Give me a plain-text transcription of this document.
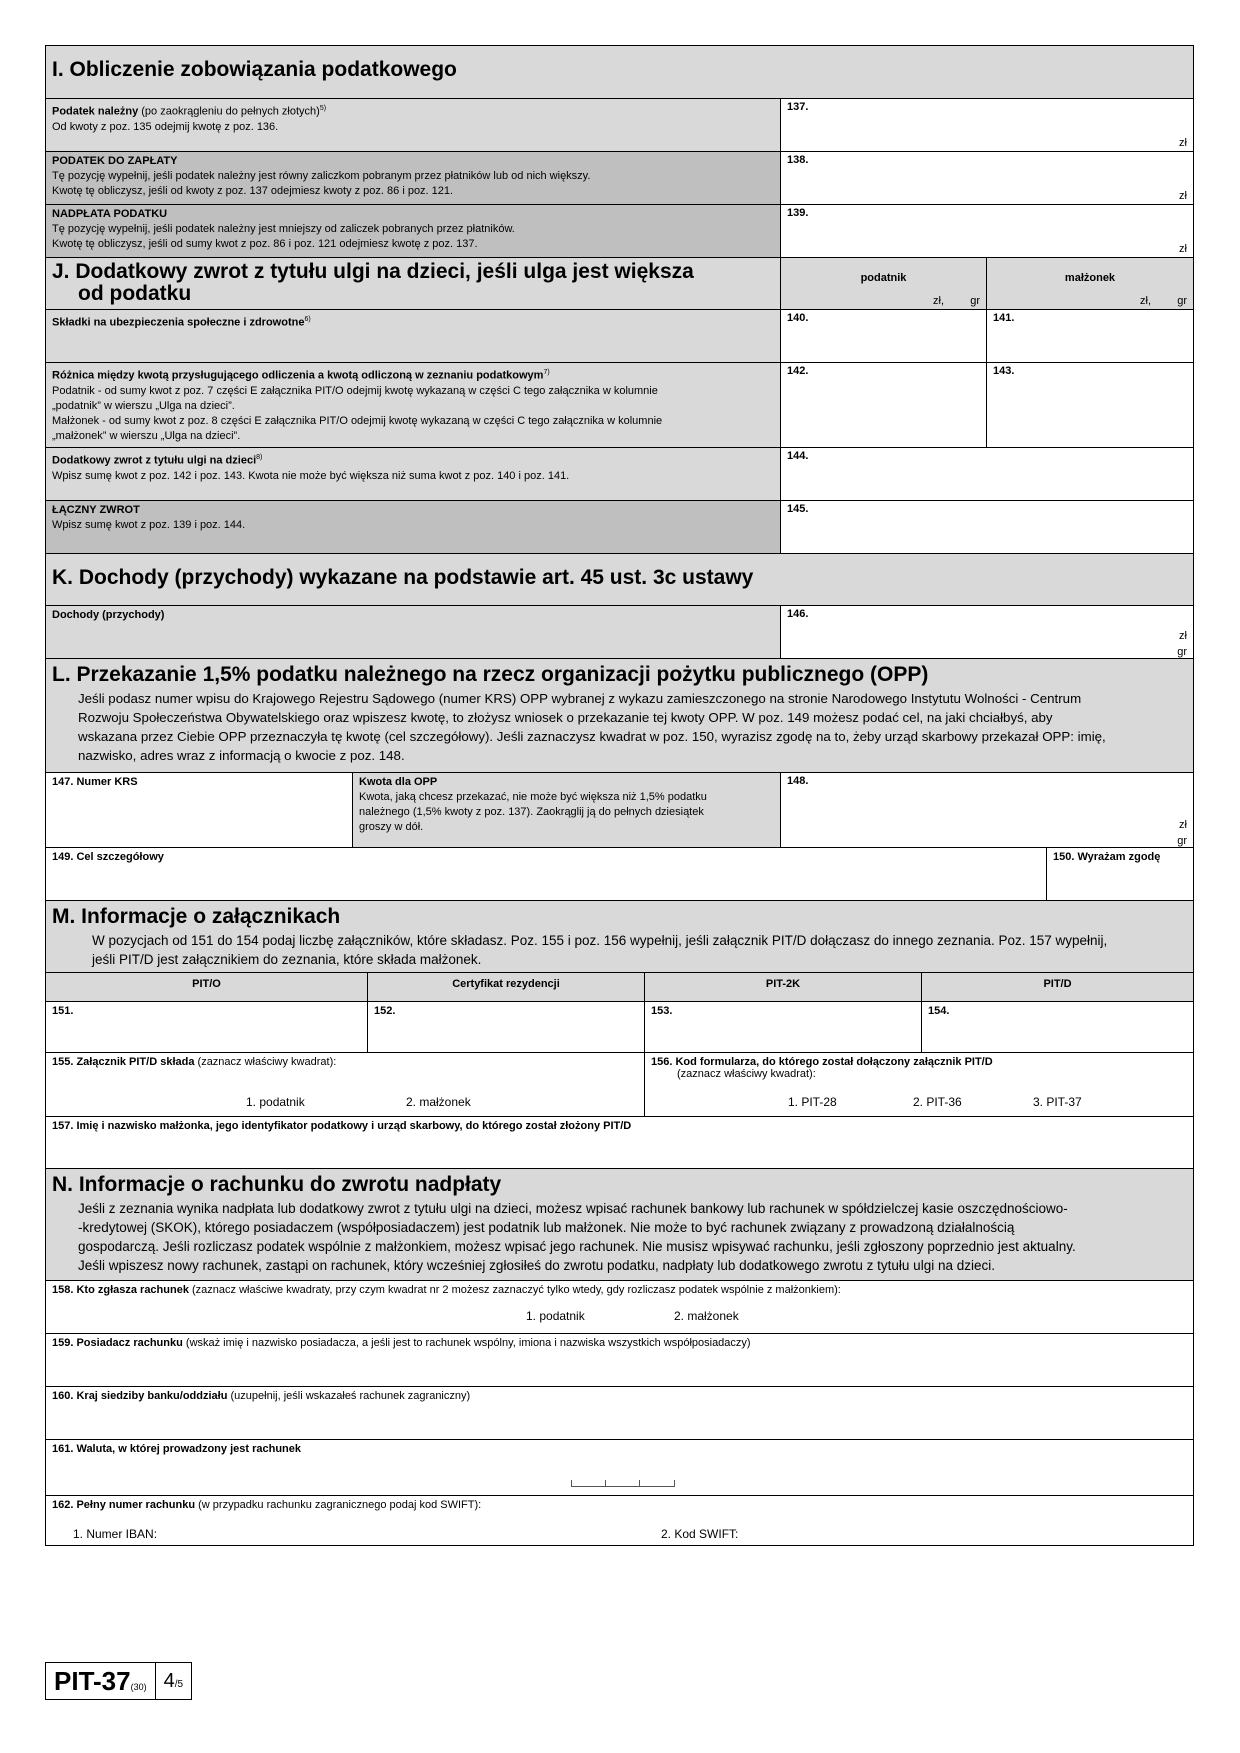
I. Obliczenie zobowiązania podatkowego
Podatek należny (po zaokrągleniu do pełnych złotych)$^{5)}$
Od kwoty z poz. 135 odejmij kwotę z poz. 136.
137.
zł
PODATEK DO ZAPŁATY
Tę pozycję wypełnij, jeśli podatek należny jest równy zaliczkom pobranym przez płatników lub od nich większy.
Kwotę tę obliczysz, jeśli od kwoty z poz. 137 odejmiesz kwoty z poz. 86 i poz. 121.
138.
zł
NADPŁATA PODATKU
Tę pozycję wypełnij, jeśli podatek należny jest mniejszy od zaliczek pobranych przez płatników.
Kwotę tę obliczysz, jeśli od sumy kwot z poz. 86 i poz. 121 odejmiesz kwotę z poz. 137.
139.
zł
J. Dodatkowy zwrot z tytułu ulgi na dzieci, jeśli ulga jest większa
od podatku
podatnik
zł, gr
małżonek
zł, gr
Składki na ubezpieczenia społeczne i zdrowotne$^{6)}$	140.	141.
Różnica między kwotą przysługującego odliczenia a kwotą odliczoną w zeznaniu podatkowym$^{7)}$
Podatnik - od sumy kwot z poz. 7 części E załącznika PIT/O odejmij kwotę wykazaną w części C tego załącznika w kolumnie
„podatnik” w wierszu „Ulga na dzieci”.
Małżonek - od sumy kwot z poz. 8 części E załącznika PIT/O odejmij kwotę wykazaną w części C tego załącznika w kolumnie
„małżonek” w wierszu „Ulga na dzieci”.
142.	143.
Dodatkowy zwrot z tytułu ulgi na dzieci$^{8)}$
Wpisz sumę kwot z poz. 142 i poz. 143. Kwota nie może być większa niż suma kwot z poz. 140 i poz. 141.
144.
ŁĄCZNY ZWROT
Wpisz sumę kwot z poz. 139 i poz. 144.
145.
K. Dochody (przychody) wykazane na podstawie art. 45 ust. 3c ustawy
Dochody (przychody)	146.
zł
gr
L. Przekazanie 1,5% podatku należnego na rzecz organizacji pożytku publicznego (OPP)

Jeśli podasz numer wpisu do Krajowego Rejestru Sądowego (numer KRS) OPP wybranej z wykazu zamieszczonego na stronie Narodowego Instytutu Wolności - Centrum
Rozwoju Społeczeństwa Obywatelskiego oraz wpiszesz kwotę, to złożysz wniosek o przekazanie tej kwoty OPP. W poz. 149 możesz podać cel, na jaki chciałbyś, aby
wskazana przez Ciebie OPP przeznaczyła tę kwotę (cel szczegółowy). Jeśli zaznaczysz kwadrat w poz. 150, wyrazisz zgodę na to, żeby urząd skarbowy przekazał OPP: imię,
nazwisko, adres wraz z informacją o kwocie z poz. 148.

147. Numer KRS	Kwota dla OPP
Kwota, jaką chcesz przekazać, nie może być większa niż 1,5% podatku
należnego (1,5% kwoty z poz. 137). Zaokrąglij ją do pełnych dziesiątek
groszy w dół.
148.
zł
gr
149. Cel szczegółowy	150. Wyrażam zgodę
M. Informacje o załącznikach

W pozycjach od 151 do 154 podaj liczbę załączników, które składasz. Poz. 155 i poz. 156 wypełnij, jeśli załącznik PIT/D dołączasz do innego zeznania. Poz. 157 wypełnij,
jeśli PIT/D jest załącznikiem do zeznania, które składa małżonek.

PIT/O	Certyfikat rezydencji	PIT-2K	PIT/D
151.	152.	153.	154.
155. Załącznik PIT/D składa (zaznacz właściwy kwadrat):
1. podatnik	2. małżonek
156. Kod formularza, do którego został dołączony załącznik PIT/D
(zaznacz właściwy kwadrat):
1. PIT-28	2. PIT-36	3. PIT-37
157. Imię i nazwisko małżonka, jego identyfikator podatkowy i urząd skarbowy, do którego został złożony PIT/D
N. Informacje o rachunku do zwrotu nadpłaty

Jeśli z zeznania wynika nadpłata lub dodatkowy zwrot z tytułu ulgi na dzieci, możesz wpisać rachunek bankowy lub rachunek w spółdzielczej kasie oszczędnościowo-
-kredytowej (SKOK), którego posiadaczem (współposiadaczem) jest podatnik lub małżonek. Nie może to być rachunek związany z prowadzoną działalnością
gospodarczą. Jeśli rozliczasz podatek wspólnie z małżonkiem, możesz wpisać jego rachunek. Nie musisz wpisywać rachunku, jeśli zgłoszony poprzednio jest aktualny.
Jeśli wpiszesz nowy rachunek, zastąpi on rachunek, który wcześniej zgłosiłeś do zwrotu podatku, nadpłaty lub dodatkowego zwrotu z tytułu ulgi na dzieci.

158. Kto zgłasza rachunek (zaznacz właściwe kwadraty, przy czym kwadrat nr 2 możesz zaznaczyć tylko wtedy, gdy rozliczasz podatek wspólnie z małżonkiem):
1. podatnik	2. małżonek
159. Posiadacz rachunku (wskaż imię i nazwisko posiadacza, a jeśli jest to rachunek wspólny, imiona i nazwiska wszystkich współposiadaczy)
160. Kraj siedziby banku/oddziału (uzupełnij, jeśli wskazałeś rachunek zagraniczny)
161. Waluta, w której prowadzony jest rachunek
162. Pełny numer rachunku (w przypadku rachunku zagranicznego podaj kod SWIFT):
1. Numer IBAN:	2. Kod SWIFT:
PIT-37(30) 4/5
